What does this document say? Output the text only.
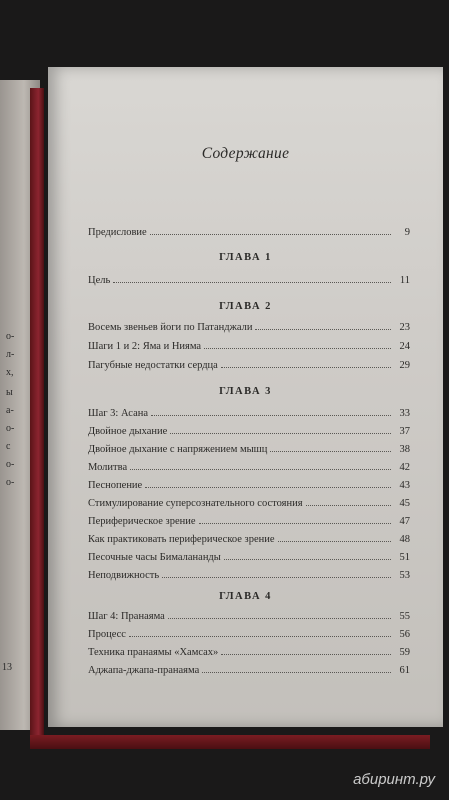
о-
л-
х,
ы
а-
о-
с
о-
о-
13
Содержание
Предисловие	9
ГЛАВА 1
Цель	11
ГЛАВА 2
Восемь звеньев йоги по Патанджали	23
Шаги 1 и 2: Яма и Нияма	24
Пагубные недостатки сердца	29
ГЛАВА 3
Шаг 3: Асана	33
Двойное дыхание	37
Двойное дыхание с напряжением мышц	38
Молитва	42
Песнопение	43
Стимулирование суперсознательного состояния	45
Периферическое зрение	47
Как практиковать периферическое зрение	48
Песочные часы Бималананды	51
Неподвижность	53
ГЛАВА 4
Шаг 4: Пранаяма	55
Процесс	56
Техника пранаямы «Хамсах»	59
Аджапа-джапа-пранаяма	61
абиринт.ру
